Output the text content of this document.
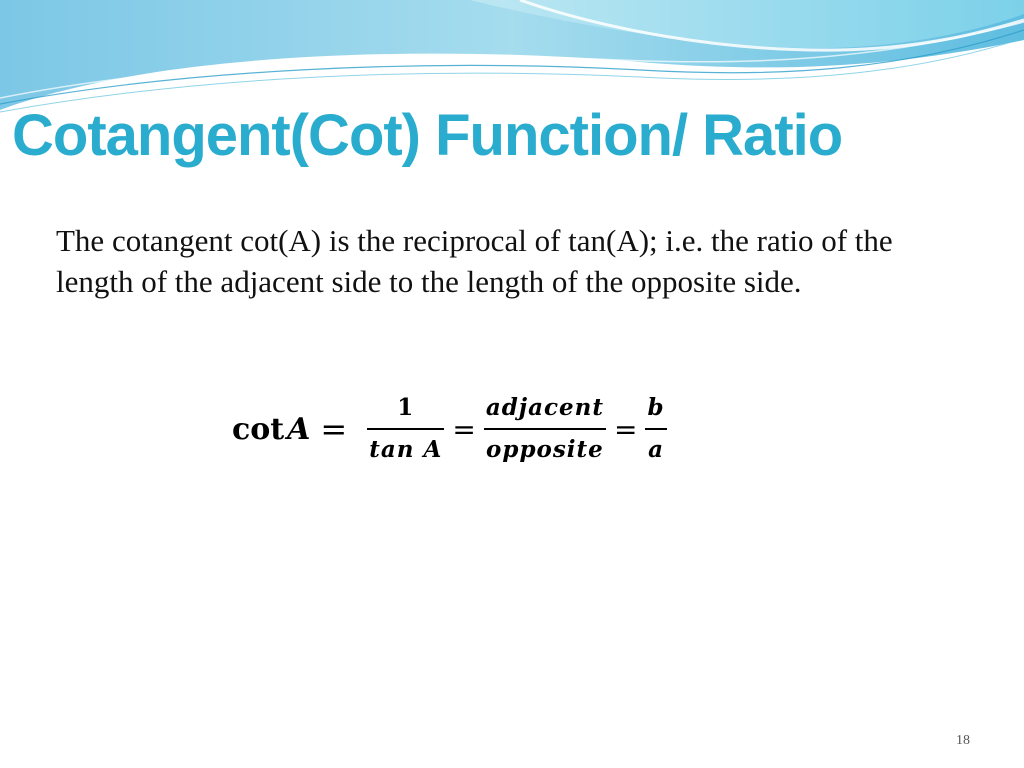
Cotangent(Cot) Function/ Ratio

The cotangent cot(A) is the reciprocal of tan(A); i.e. the ratio of the length of the adjacent side to the length of the opposite side.

cot  $A = \frac{1}{\text{tan A}} = \frac{\text{adjacent}}{\text{opposite}} = \frac{b}{a}$
18
